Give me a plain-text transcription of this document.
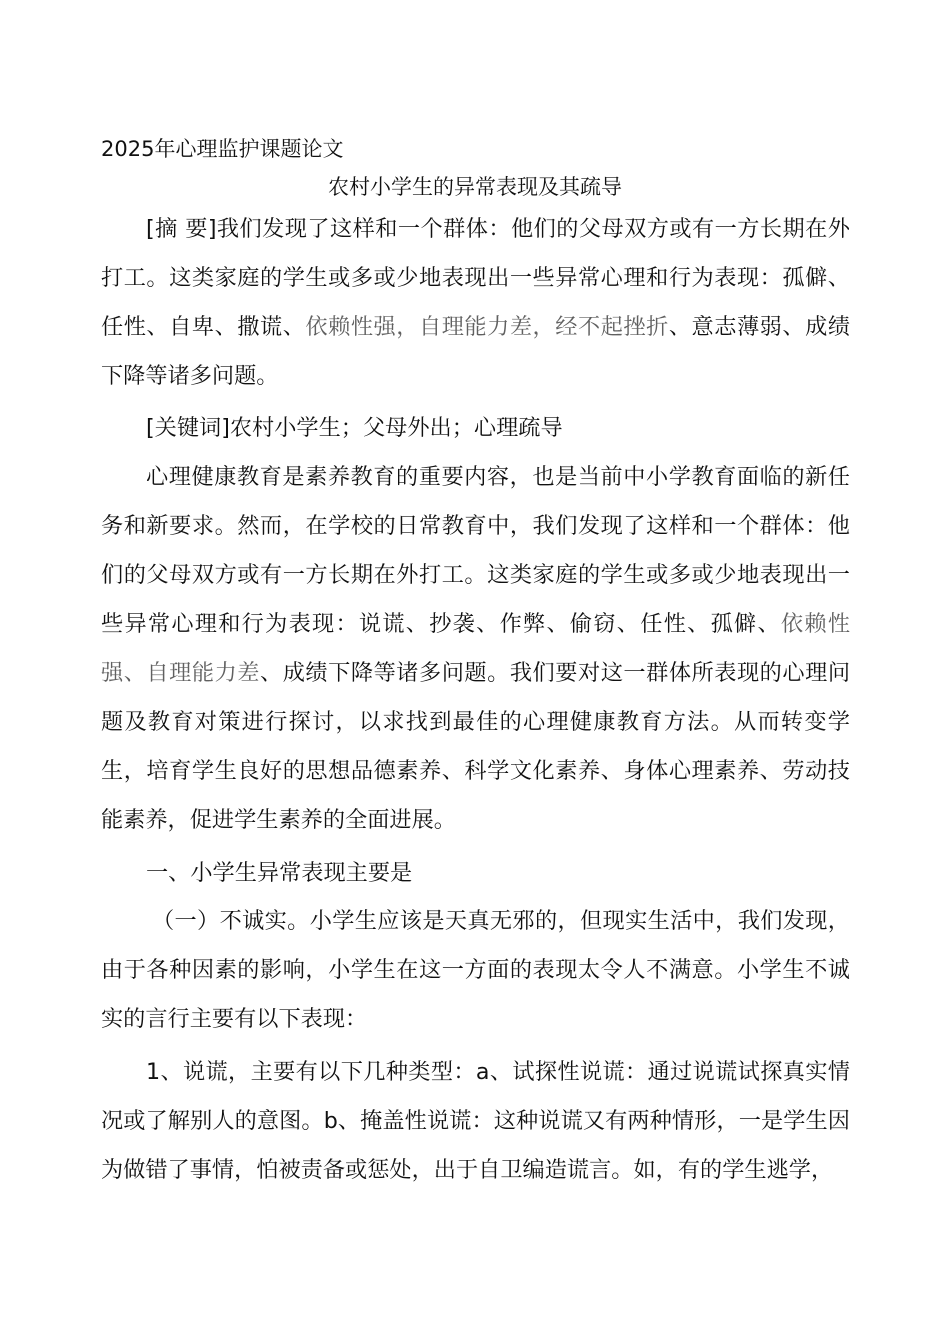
2025年心理监护课题论文
农村小学生的异常表现及其疏导

[摘 要]我们发现了这样和一个群体：他们的父母双方或有一方长期在外打工。这类家庭的学生或多或少地表现出一些异常心理和行为表现：孤僻、任性、自卑、撒谎、依赖性强，自理能力差，经不起挫折、意志薄弱、成绩下降等诸多问题。

[关键词]农村小学生；父母外出；心理疏导

心理健康教育是素养教育的重要内容，也是当前中小学教育面临的新任务和新要求。然而，在学校的日常教育中，我们发现了这样和一个群体：他们的父母双方或有一方长期在外打工。这类家庭的学生或多或少地表现出一些异常心理和行为表现：说谎、抄袭、作弊、偷窃、任性、孤僻、依赖性强、自理能力差、成绩下降等诸多问题。我们要对这一群体所表现的心理问题及教育对策进行探讨，以求找到最佳的心理健康教育方法。从而转变学生，培育学生良好的思想品德素养、科学文化素养、身体心理素养、劳动技能素养，促进学生素养的全面进展。

一、小学生异常表现主要是

（一）不诚实。小学生应该是天真无邪的，但现实生活中，我们发现，由于各种因素的影响，小学生在这一方面的表现太令人不满意。小学生不诚实的言行主要有以下表现：

1、说谎，主要有以下几种类型：a、试探性说谎：通过说谎试探真实情况或了解别人的意图。b、掩盖性说谎：这种说谎又有两种情形，一是学生因为做错了事情，怕被责备或惩处，出于自卫编造谎言。如，有的学生逃学，
